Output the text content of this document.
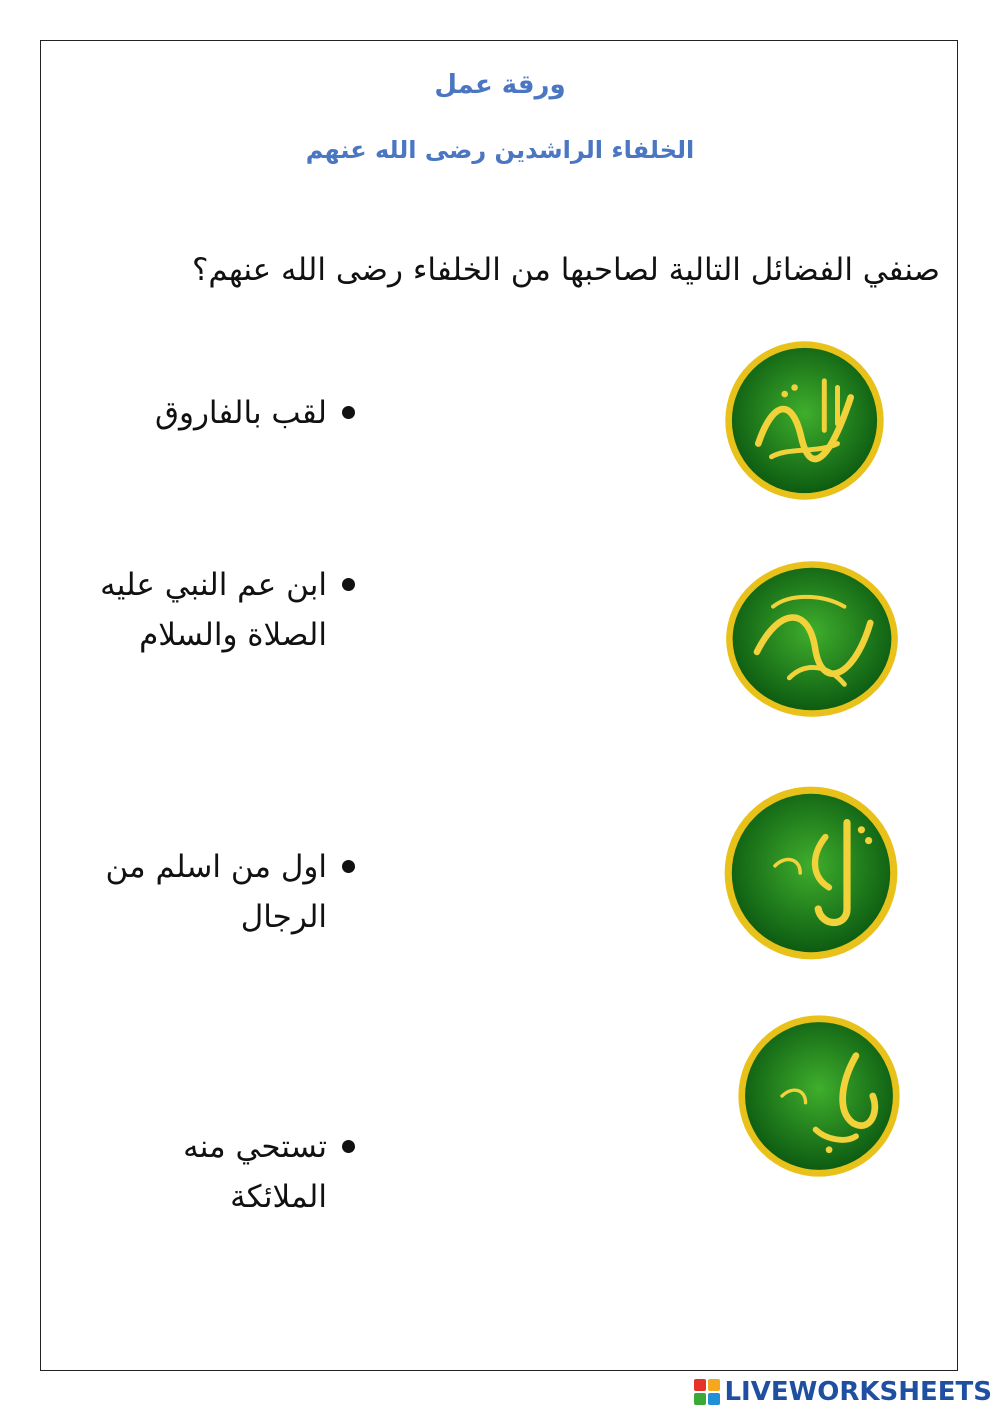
ورقة عمل
الخلفاء الراشدين رضى الله عنهم
صنفي الفضائل التالية لصاحبها من الخلفاء رضى الله عنهم؟
لقب بالفاروق
ابن عم النبي عليه
الصلاة والسلام
اول من اسلم من
الرجال
تستحي منه
الملائكة
LIVEWORKSHEETS
